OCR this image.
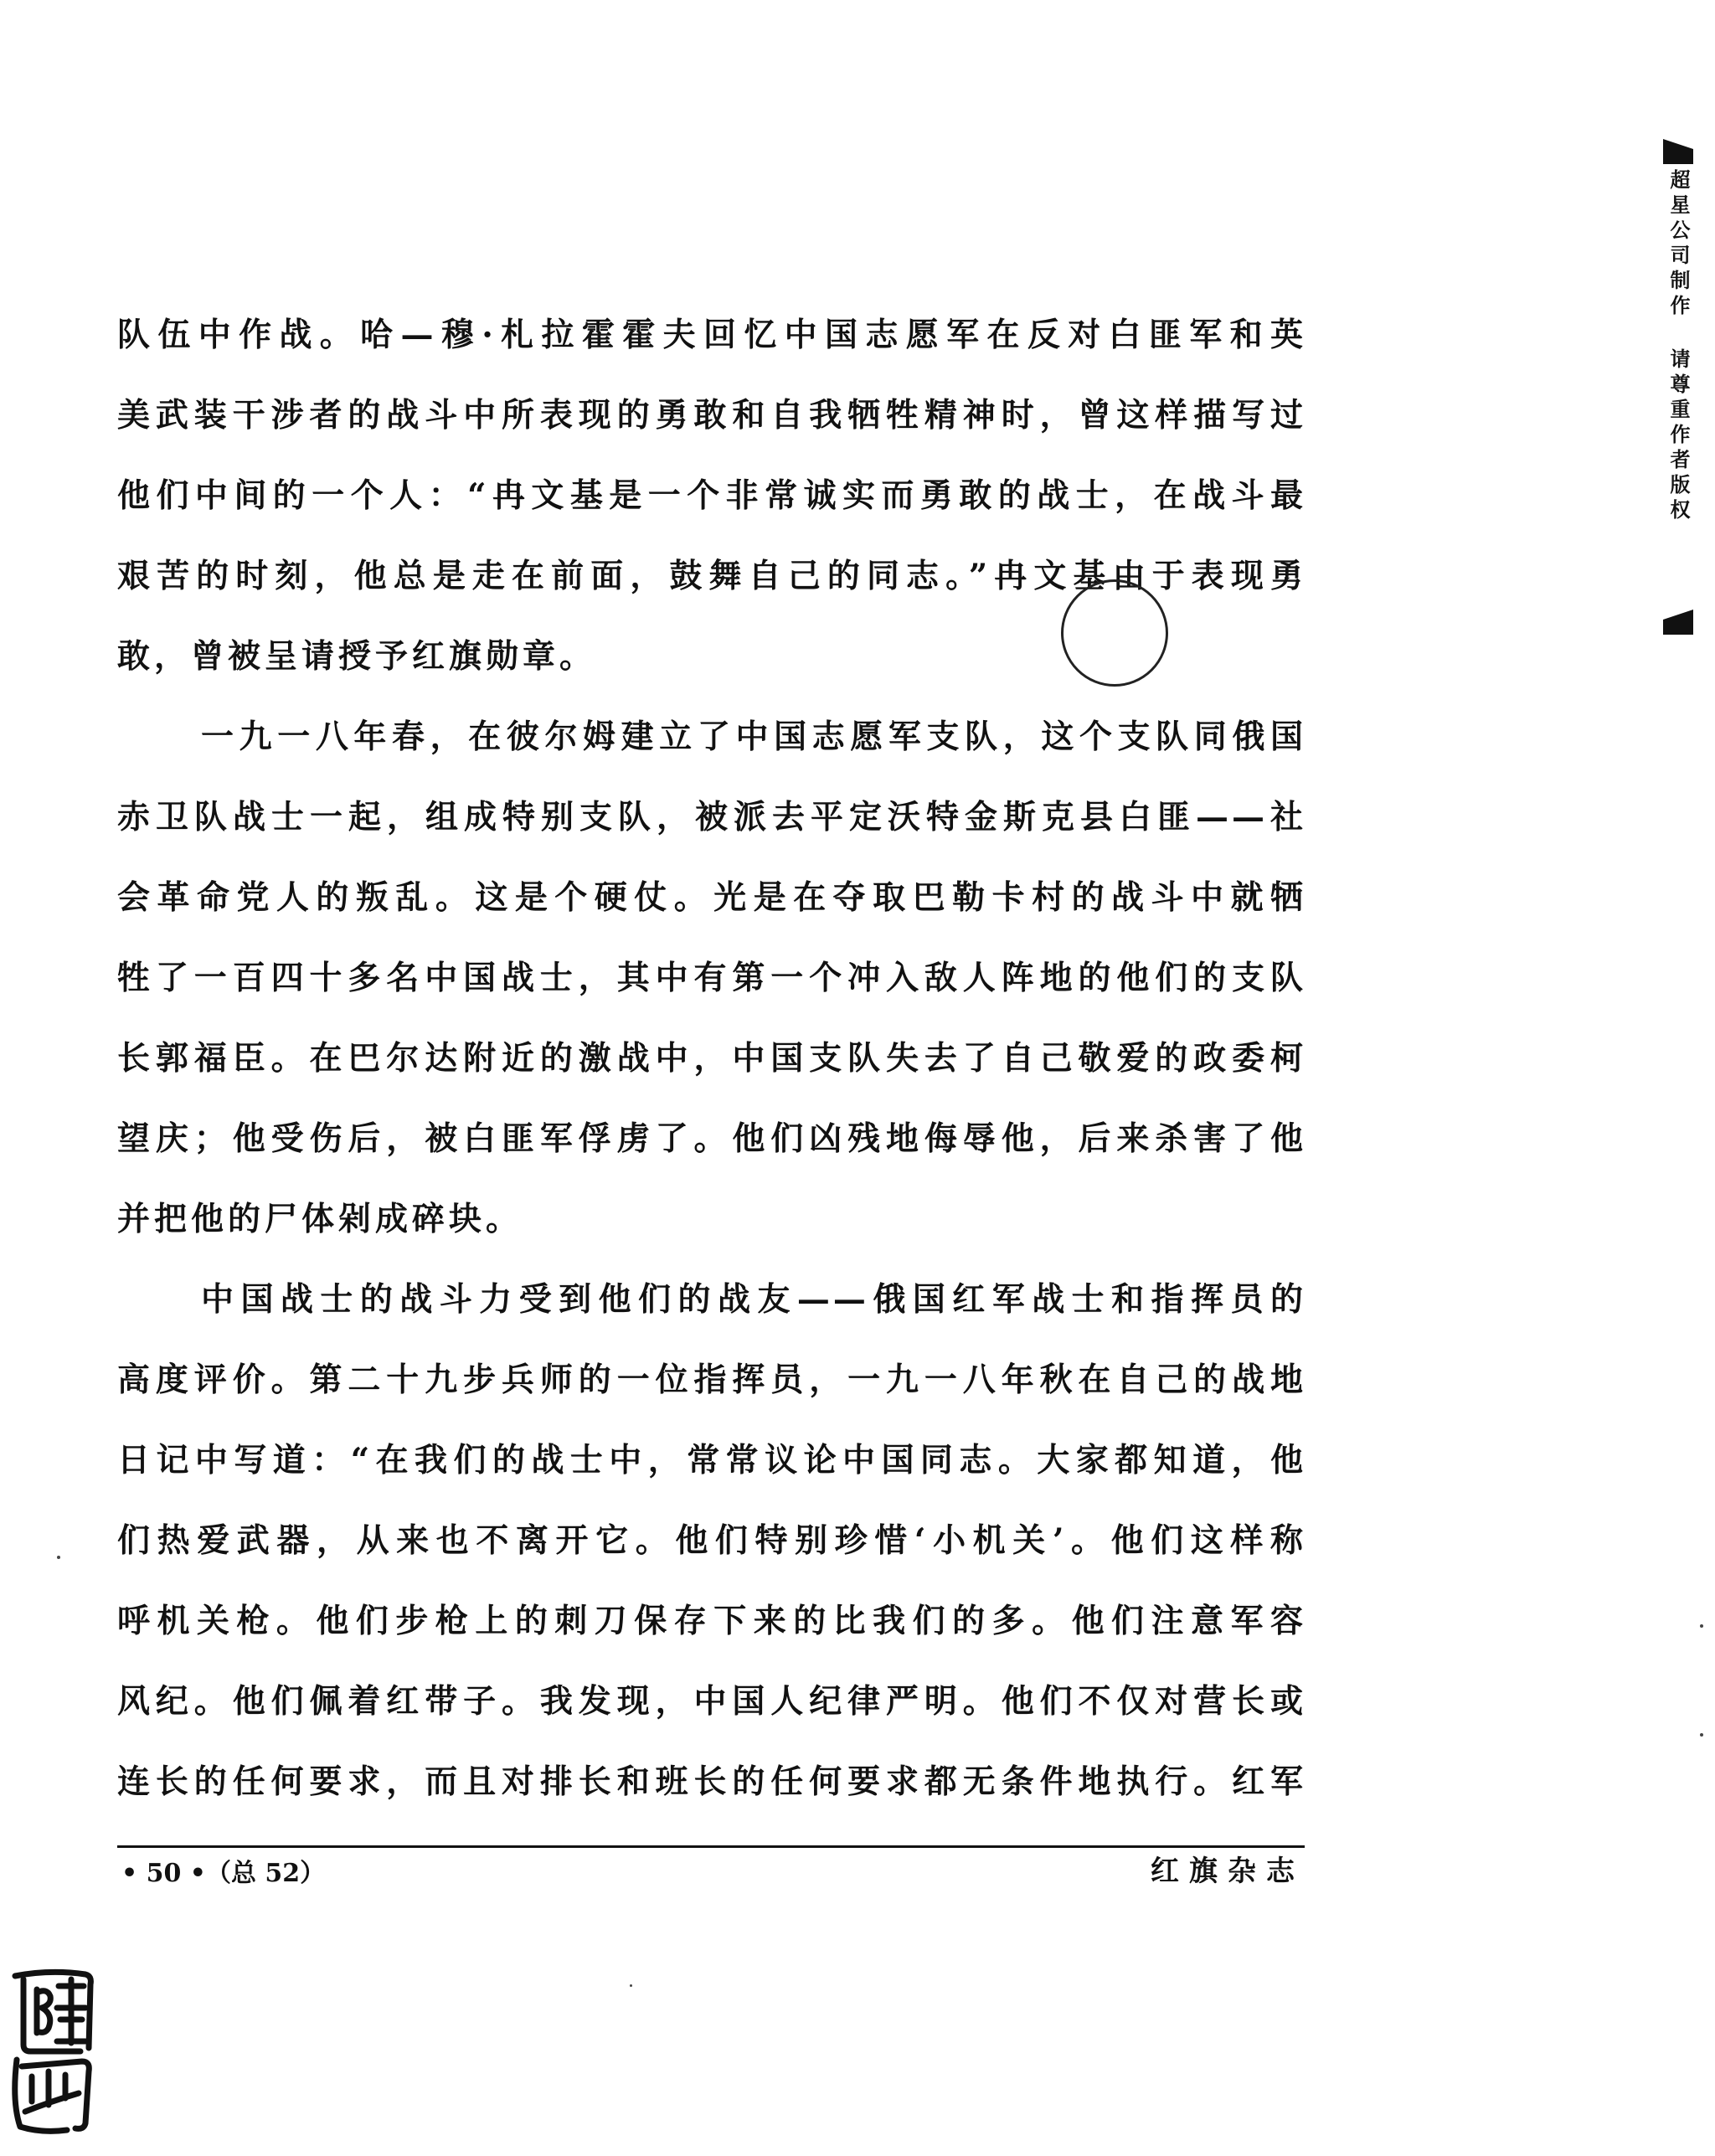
队伍中作战。哈—穆·札拉霍霍夫回忆中国志愿军在反对白匪军和英
美武装干涉者的战斗中所表现的勇敢和自我牺牲精神时，曾这样描写过
他们中间的一个人：“冉文基是一个非常诚实而勇敢的战士，在战斗最
艰苦的时刻，他总是走在前面，鼓舞自己的同志。”冉文基由于表现勇
敢，曾被呈请授予红旗勋章。
一九一八年春，在彼尔姆建立了中国志愿军支队，这个支队同俄国
赤卫队战士一起，组成特别支队，被派去平定沃特金斯克县白匪——社
会革命党人的叛乱。这是个硬仗。光是在夺取巴勒卡村的战斗中就牺
牲了一百四十多名中国战士，其中有第一个冲入敌人阵地的他们的支队
长郭福臣。在巴尔达附近的激战中，中国支队失去了自己敬爱的政委柯
望庆；他受伤后，被白匪军俘虏了。他们凶残地侮辱他，后来杀害了他
并把他的尸体剁成碎块。
中国战士的战斗力受到他们的战友——俄国红军战士和指挥员的
高度评价。第二十九步兵师的一位指挥员，一九一八年秋在自己的战地
日记中写道：“在我们的战士中，常常议论中国同志。大家都知道，他
们热爱武器，从来也不离开它。他们特别珍惜‘小机关’。他们这样称
呼机关枪。他们步枪上的刺刀保存下来的比我们的多。他们注意军容
风纪。他们佩着红带子。我发现，中国人纪律严明。他们不仅对营长或
连长的任何要求，而且对排长和班长的任何要求都无条件地执行。红军
• 50 •（总 52）	红旗杂志
超星公司制作 请尊重作者版权
